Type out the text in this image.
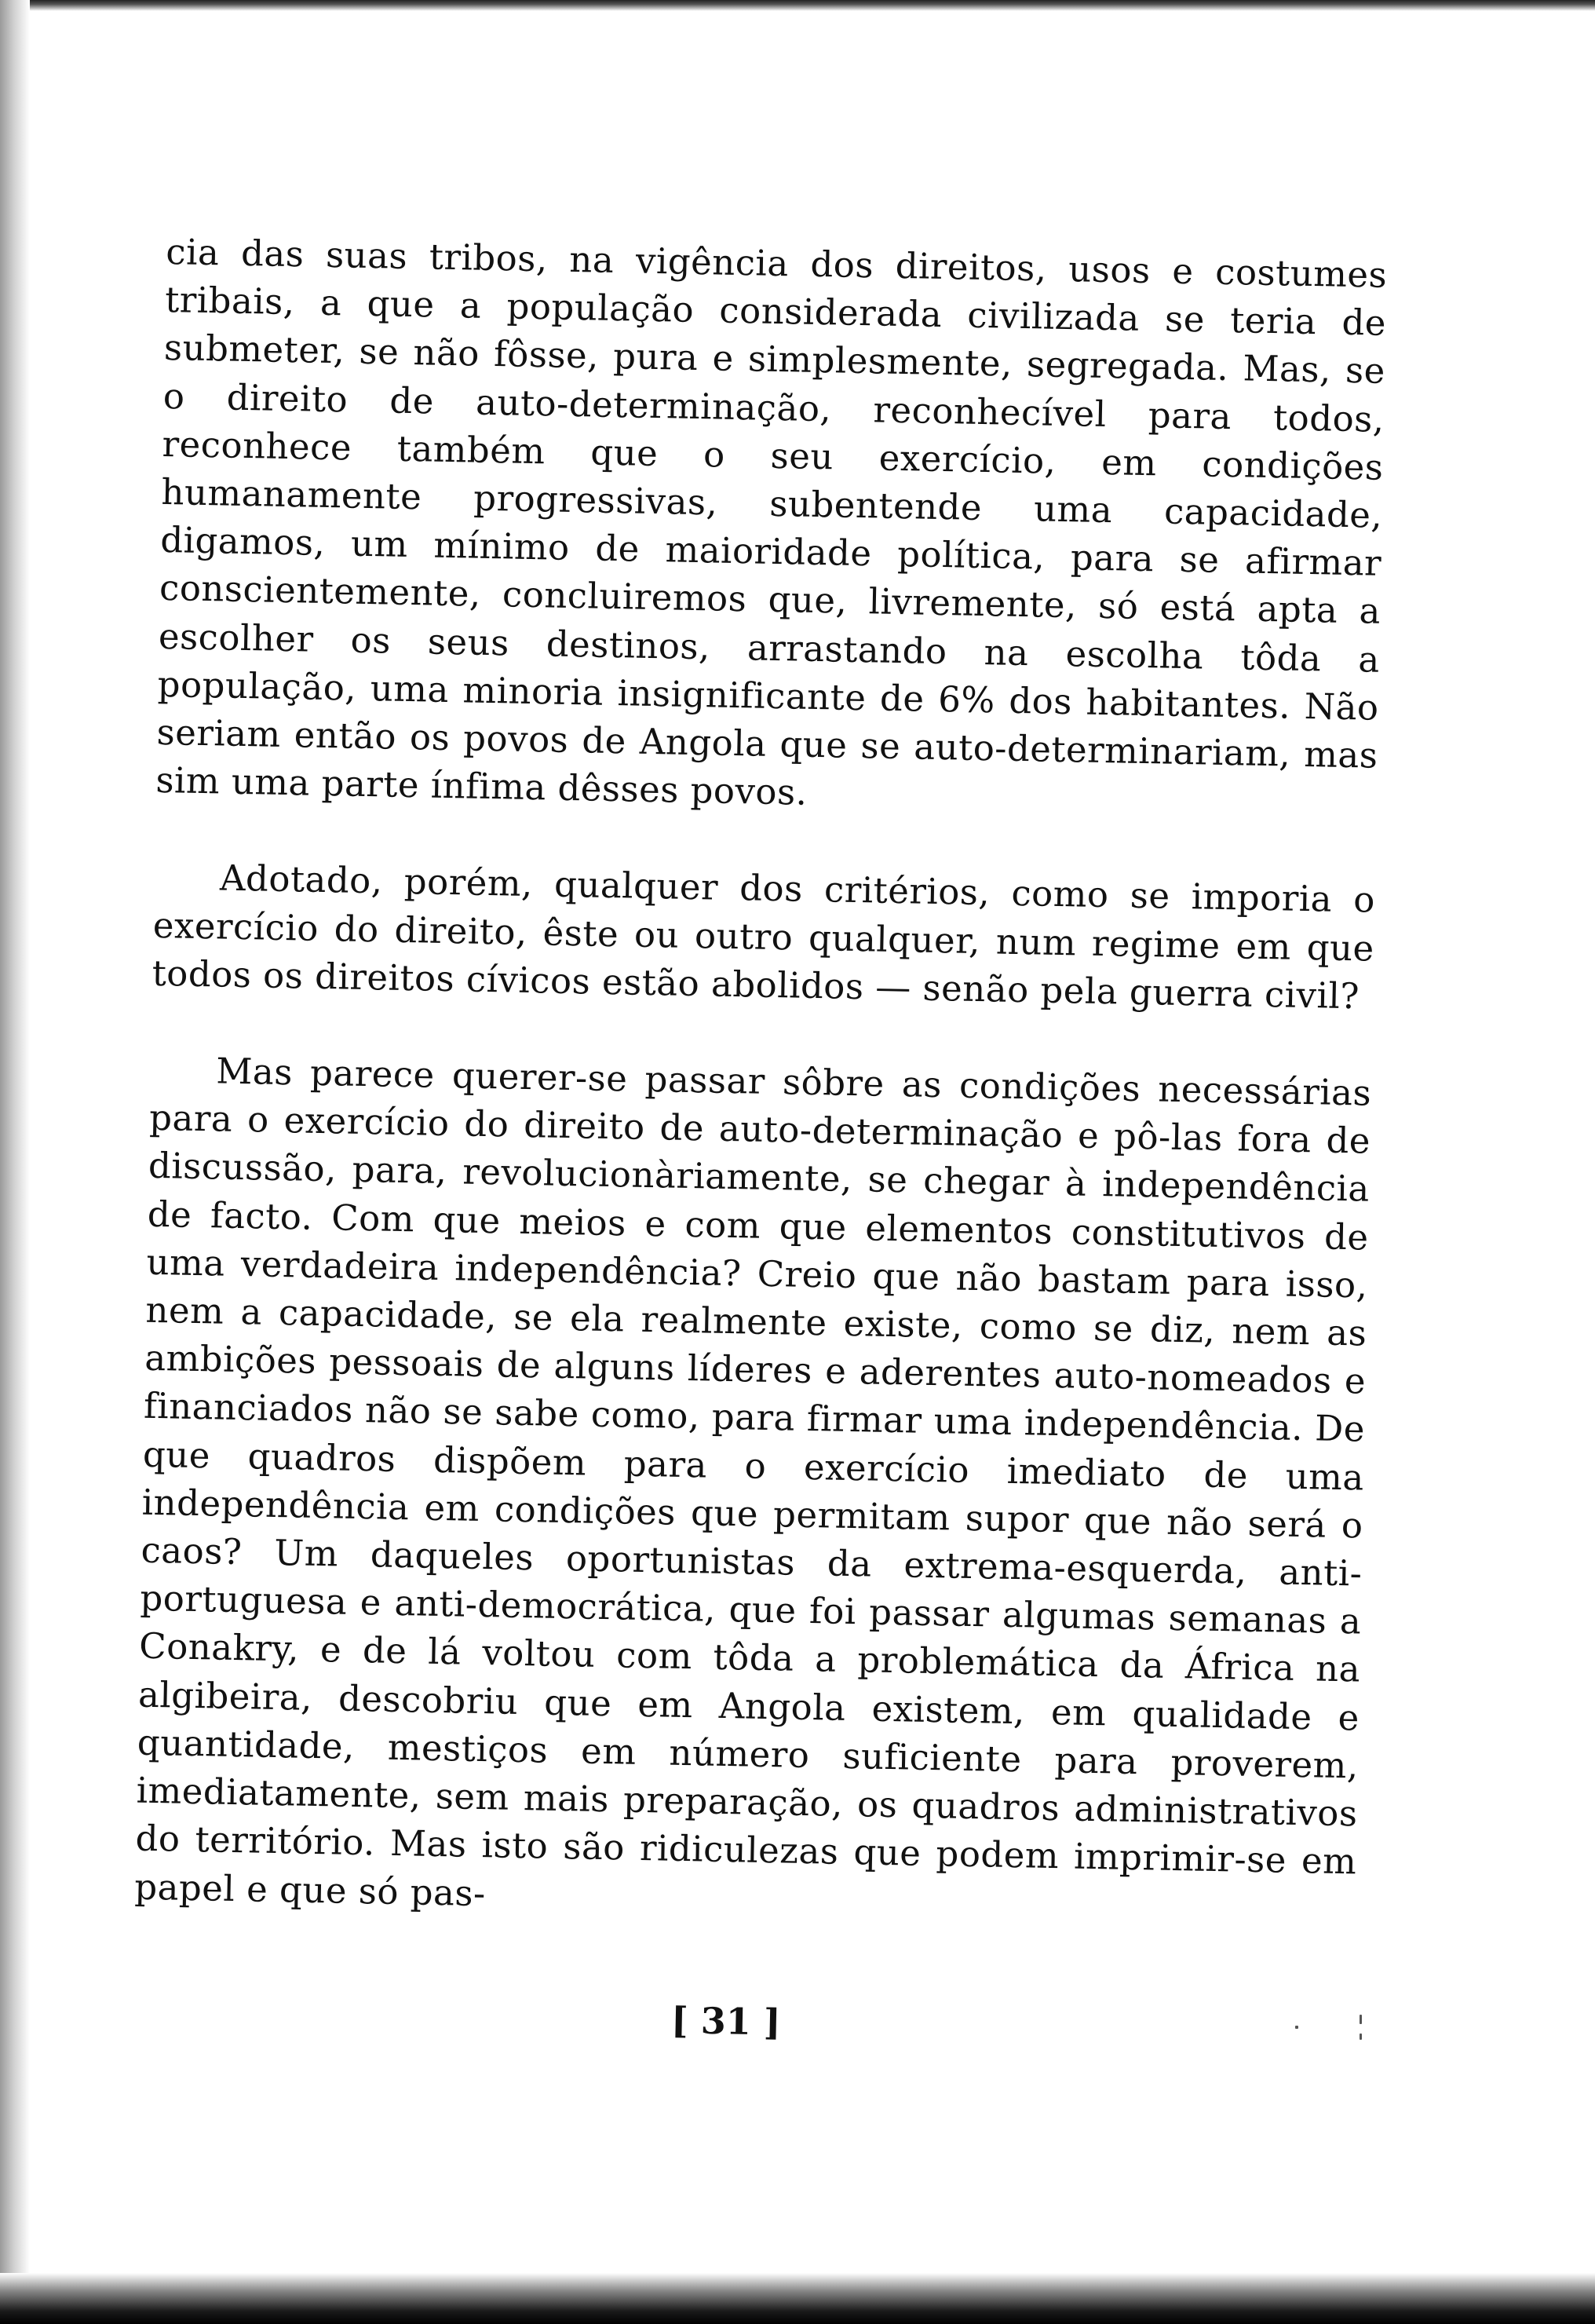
cia das suas tribos, na vigência dos direitos, usos e costumes tribais, a que a população considerada civilizada se teria de submeter, se não fôsse, pura e simplesmente, segregada. Mas, se o direito de auto-determinação, reconhecível para todos, reconhece também que o seu exercício, em condições humanamente progressivas, subentende uma capacidade, digamos, um mínimo de maioridade política, para se afirmar conscientemente, concluiremos que, livremente, só está apta a escolher os seus destinos, arrastando na escolha tôda a população, uma minoria insignificante de 6% dos habitantes. Não seriam então os povos de Angola que se auto-determinariam, mas sim uma parte ínfima dêsses povos.

Adotado, porém, qualquer dos critérios, como se imporia o exercício do direito, êste ou outro qualquer, num regime em que todos os direitos cívicos estão abolidos — senão pela guerra civil?

Mas parece querer-se passar sôbre as condições necessárias para o exercício do direito de auto-determinação e pô-las fora de discussão, para, revolucionàriamente, se chegar à independência de facto. Com que meios e com que elementos constitutivos de uma verdadeira independência? Creio que não bastam para isso, nem a capacidade, se ela realmente existe, como se diz, nem as ambições pessoais de alguns líderes e aderentes auto-nomeados e financiados não se sabe como, para firmar uma independência. De que quadros dispõem para o exercício imediato de uma independência em condições que permitam supor que não será o caos? Um daqueles oportunistas da extrema-esquerda, anti-portuguesa e anti-democrática, que foi passar algumas semanas a Conakry, e de lá voltou com tôda a problemática da África na algibeira, descobriu que em Angola existem, em qualidade e quantidade, mestiços em número suficiente para proverem, imediatamente, sem mais preparação, os quadros administrativos do território. Mas isto são ridiculezas que podem imprimir-se em papel e que só pas-

[ 31 ]
